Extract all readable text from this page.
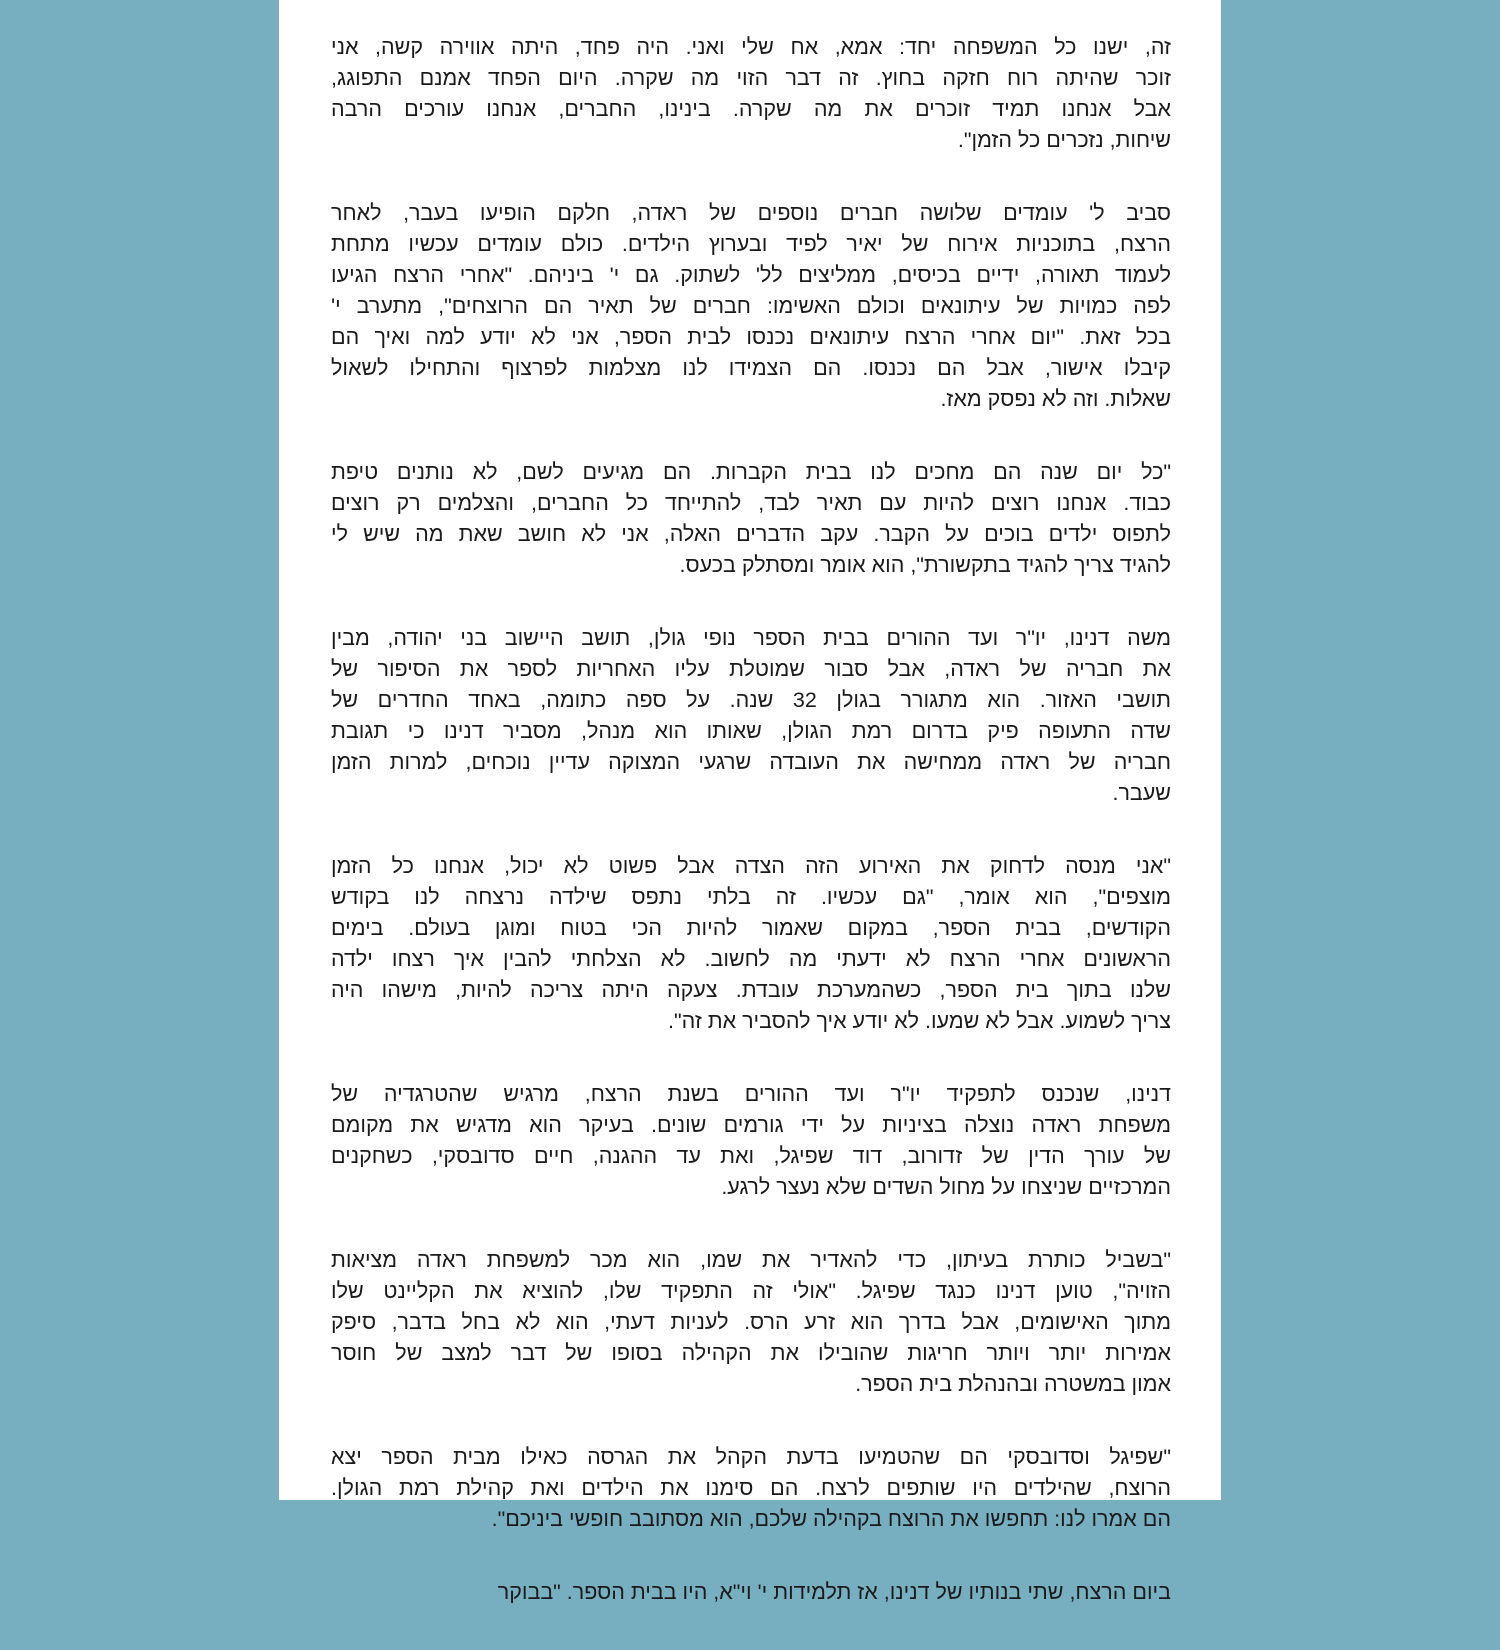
זה, ישנו כל המשפחה יחד: אמא, אח שלי ואני. היה פחד, היתה אווירה קשה, אני
זוכר שהיתה רוח חזקה בחוץ. זה דבר הזוי מה שקרה. היום הפחד אמנם התפוגג,
אבל אנחנו תמיד זוכרים את מה שקרה. בינינו, החברים, אנחנו עורכים הרבה
שיחות, נזכרים כל הזמן".
סביב ל' עומדים שלושה חברים נוספים של ראדה, חלקם הופיעו בעבר, לאחר
הרצח, בתוכניות אירוח של יאיר לפיד ובערוץ הילדים. כולם עומדים עכשיו מתחת
לעמוד תאורה, ידיים בכיסים, ממליצים לל' לשתוק. גם י' ביניהם. "אחרי הרצח הגיעו
לפה כמויות של עיתונאים וכולם האשימו: חברים של תאיר הם הרוצחים", מתערב י'
בכל זאת. "יום אחרי הרצח עיתונאים נכנסו לבית הספר, אני לא יודע למה ואיך הם
קיבלו אישור, אבל הם נכנסו. הם הצמידו לנו מצלמות לפרצוף והתחילו לשאול
שאלות. וזה לא נפסק מאז.
"כל יום שנה הם מחכים לנו בבית הקברות. הם מגיעים לשם, לא נותנים טיפת
כבוד. אנחנו רוצים להיות עם תאיר לבד, להתייחד כל החברים, והצלמים רק רוצים
לתפוס ילדים בוכים על הקבר. עקב הדברים האלה, אני לא חושב שאת מה שיש לי
להגיד צריך להגיד בתקשורת", הוא אומר ומסתלק בכעס.
משה דנינו, יו"ר ועד ההורים בבית הספר נופי גולן, תושב היישוב בני יהודה, מבין
את חבריה של ראדה, אבל סבור שמוטלת עליו האחריות לספר את הסיפור של
תושבי האזור. הוא מתגורר בגולן 32 שנה. על ספה כתומה, באחד החדרים של
שדה התעופה פיק בדרום רמת הגולן, שאותו הוא מנהל, מסביר דנינו כי תגובת
חבריה של ראדה ממחישה את העובדה שרגעי המצוקה עדיין נוכחים, למרות הזמן
שעבר.
"אני מנסה לדחוק את האירוע הזה הצדה אבל פשוט לא יכול, אנחנו כל הזמן
מוצפים", הוא אומר, "גם עכשיו. זה בלתי נתפס שילדה נרצחה לנו בקודש
הקודשים, בבית הספר, במקום שאמור להיות הכי בטוח ומוגן בעולם. בימים
הראשונים אחרי הרצח לא ידעתי מה לחשוב. לא הצלחתי להבין איך רצחו ילדה
שלנו בתוך בית הספר, כשהמערכת עובדת. צעקה היתה צריכה להיות, מישהו היה
צריך לשמוע. אבל לא שמעו. לא יודע איך להסביר את זה".
דנינו, שנכנס לתפקיד יו"ר ועד ההורים בשנת הרצח, מרגיש שהטרגדיה של
משפחת ראדה נוצלה בציניות על ידי גורמים שונים. בעיקר הוא מדגיש את מקומם
של עורך הדין של זדורוב, דוד שפיגל, ואת עד ההגנה, חיים סדובסקי, כשחקנים
המרכזיים שניצחו על מחול השדים שלא נעצר לרגע.
"בשביל כותרת בעיתון, כדי להאדיר את שמו, הוא מכר למשפחת ראדה מציאות
הזויה", טוען דנינו כנגד שפיגל. "אולי זה התפקיד שלו, להוציא את הקליינט שלו
מתוך האישומים, אבל בדרך הוא זרע הרס. לעניות דעתי, הוא לא בחל בדבר, סיפק
אמירות יותר ויותר חריגות שהובילו את הקהילה בסופו של דבר למצב של חוסר
אמון במשטרה ובהנהלת בית הספר.
"שפיגל וסדובסקי הם שהטמיעו בדעת הקהל את הגרסה כאילו מבית הספר יצא
הרוצח, שהילדים היו שותפים לרצח. הם סימנו את הילדים ואת קהילת רמת הגולן.
הם אמרו לנו: תחפשו את הרוצח בקהילה שלכם, הוא מסתובב חופשי ביניכם".
ביום הרצח, שתי בנותיו של דנינו, אז תלמידות י' וי"א, היו בבית הספר. "בבוקר
